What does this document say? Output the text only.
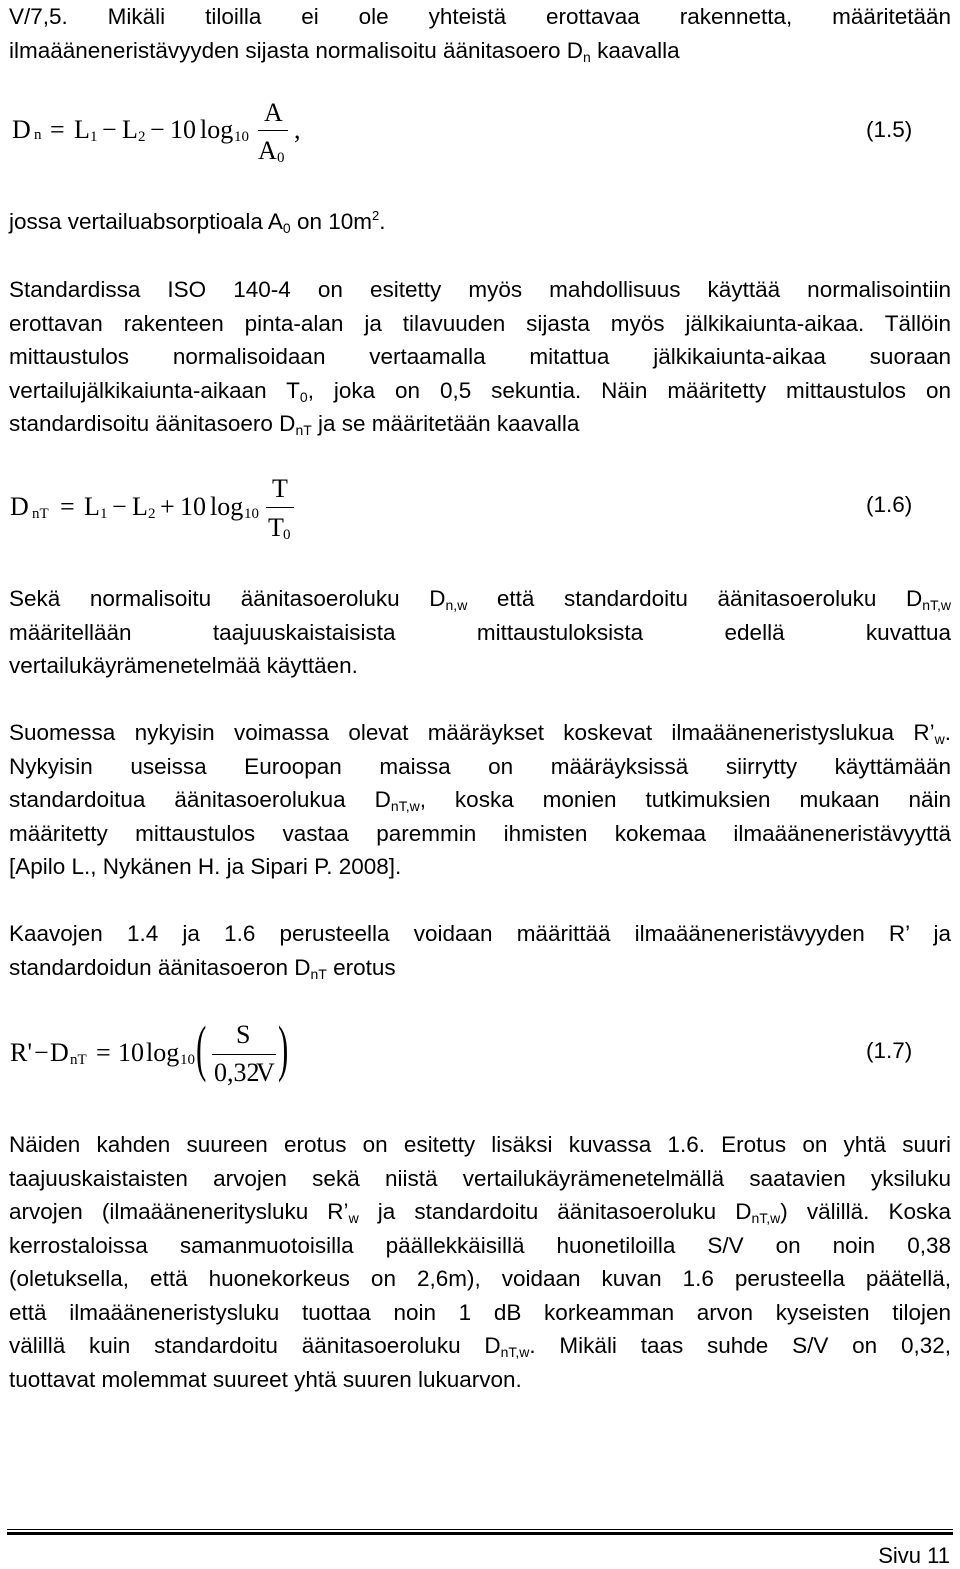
V/7,5. Mikäli tiloilla ei ole yhteistä erottavaa rakennetta, määritetään
ilmaääneneristävyyden sijasta normalisoitu äänitasoero $D_n$ kaavalla
D n = L 1 − L 2 − 10 log 10
A
A 0
,	(1.5)
jossa vertailuabsorptioala $A_0$ on $10m^2$.
Standardissa ISO 140-4 on esitetty myös mahdollisuus käyttää normalisointiin
erottavan rakenteen pinta-alan ja tilavuuden sijasta myös jälkikaiunta-aikaa. Tällöin
mittaustulos normalisoidaan vertaamalla mitattua jälkikaiunta-aikaa suoraan
vertailujälkikaiunta-aikaan $T_0$, joka on 0,5 sekuntia. Näin määritetty mittaustulos on
standardisoitu äänitasoero $D_{nT}$ ja se määritetään kaavalla
D nT = L 1 − L 2 + 10 log 10
T
T 0
(1.6)
Sekä normalisoitu äänitasoeroluku $D_{n,w}$ että standardoitu äänitasoeroluku $D_{nT,w}$
määritellään taajuuskaistaisista mittaustuloksista edellä kuvattua
vertailukäyrämenetelmää käyttäen.
Suomessa nykyisin voimassa olevat määräykset koskevat ilmaääneneristyslukua $R’_w$.
Nykyisin useissa Euroopan maissa on määräyksissä siirrytty käyttämään
standardoitua äänitasoerolukua $D_{nT,w}$, koska monien tutkimuksien mukaan näin
määritetty mittaustulos vastaa paremmin ihmisten kokemaa ilmaääneneristävyyttä
[Apilo L., Nykänen H. ja Sipari P. 2008].
Kaavojen 1.4 ja 1.6 perusteella voidaan määrittää ilmaääneneristävyyden R’ ja
standardoidun äänitasoeron $D_{nT}$ erotus
R' − D nT = 10 log 10 ( S
0,32
V )	(1.7)
Näiden kahden suureen erotus on esitetty lisäksi kuvassa 1.6. Erotus on yhtä suuri
taajuuskaistaisten arvojen sekä niistä vertailukäyrämenetelmällä saatavien yksiluku
arvojen (ilmaääneneritysluku $R’_w$ ja standardoitu äänitasoeroluku $D_{nT,w}$) välillä. Koska
kerrostaloissa samanmuotoisilla päällekkäisillä huonetiloilla S/V on noin 0,38
(oletuksella, että huonekorkeus on 2,6m), voidaan kuvan 1.6 perusteella päätellä,
että ilmaääneneristysluku tuottaa noin 1 dB korkeamman arvon kyseisten tilojen
välillä kuin standardoitu äänitasoeroluku $D_{nT,w}$. Mikäli taas suhde S/V on 0,32,
tuottavat molemmat suureet yhtä suuren lukuarvon.
Sivu 11
